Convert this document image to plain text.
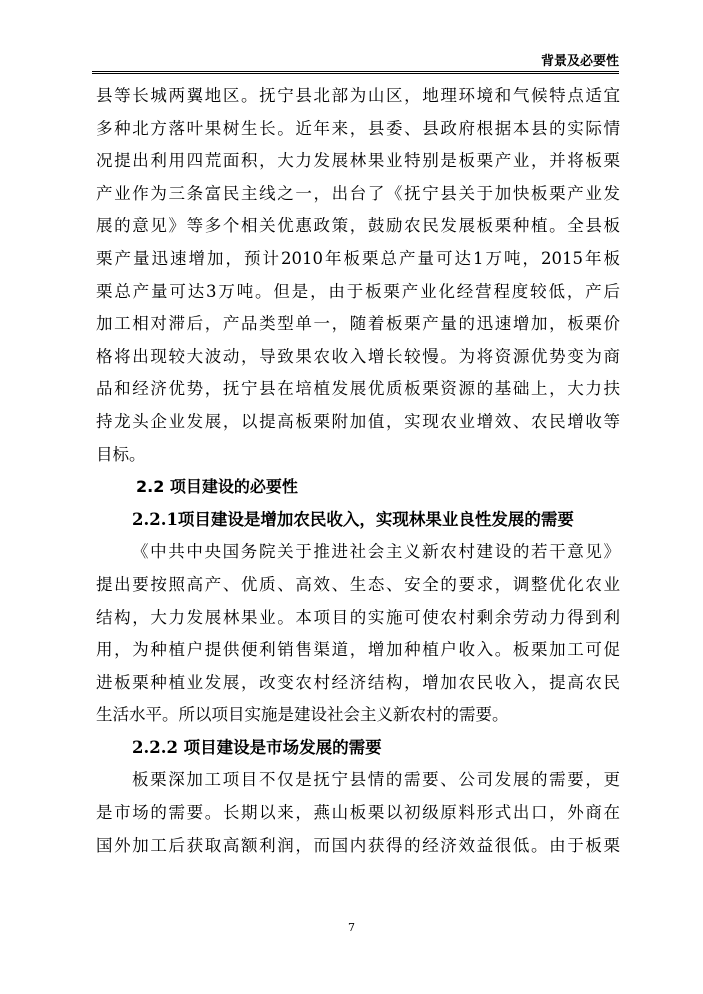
背景及必要性
县等长城两翼地区。抚宁县北部为山区，地理环境和气候特点适宜
多种北方落叶果树生长。近年来，县委、县政府根据本县的实际情
况提出利用四荒面积，大力发展林果业特别是板栗产业，并将板栗
产业作为三条富民主线之一，出台了《抚宁县关于加快板栗产业发
展的意见》等多个相关优惠政策，鼓励农民发展板栗种植。全县板
栗产量迅速增加，预计2010年板栗总产量可达1万吨，2015年板
栗总产量可达3万吨。但是，由于板栗产业化经营程度较低，产后
加工相对滞后，产品类型单一，随着板栗产量的迅速增加，板栗价
格将出现较大波动，导致果农收入增长较慢。为将资源优势变为商
品和经济优势，抚宁县在培植发展优质板栗资源的基础上，大力扶
持龙头企业发展，以提高板栗附加值，实现农业增效、农民增收等
目标。
2.2 项目建设的必要性
2.2.1项目建设是增加农民收入，实现林果业良性发展的需要
《中共中央国务院关于推进社会主义新农村建设的若干意见》
提出要按照高产、优质、高效、生态、安全的要求，调整优化农业
结构，大力发展林果业。本项目的实施可使农村剩余劳动力得到利
用，为种植户提供便利销售渠道，增加种植户收入。板栗加工可促
进板栗种植业发展，改变农村经济结构，增加农民收入，提高农民
生活水平。所以项目实施是建设社会主义新农村的需要。
2.2.2 项目建设是市场发展的需要
板栗深加工项目不仅是抚宁县情的需要、公司发展的需要，更
是市场的需要。长期以来，燕山板栗以初级原料形式出口，外商在
国外加工后获取高额利润，而国内获得的经济效益很低。由于板栗
7
